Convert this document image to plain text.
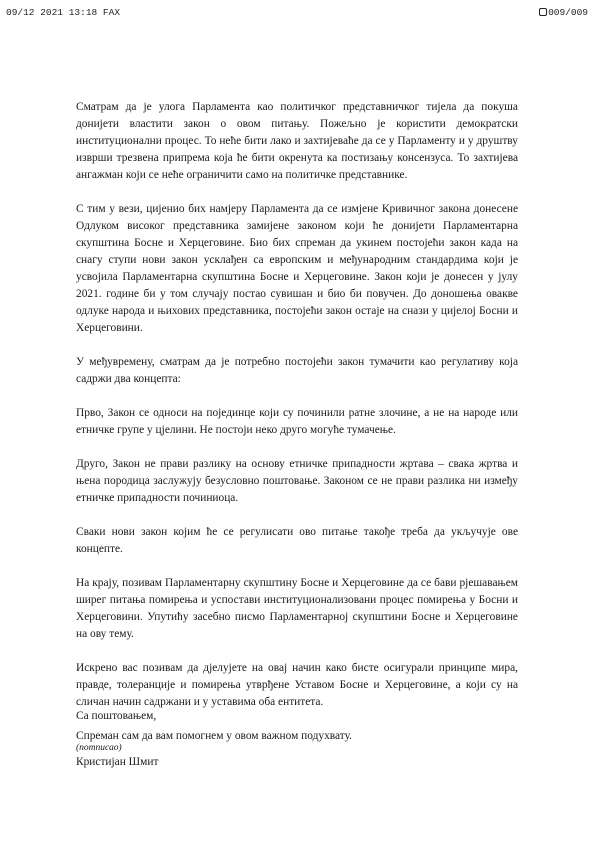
09/12 2021 13:18 FAX	009/009

Сматрам да је улога Парламента као политичког представничког тијела да покуша донијети властити закон о овом питању. Пожељно је користити демократски институционални процес. То неће бити лако и захтијеваће да се у Парламенту и у друштву изврши трезвена припрема која ће бити окренута ка постизању консензуса. То захтијева ангажман који се неће ограничити само на политичке представнике.

С тим у вези, цијенио бих намјеру Парламента да се измјене Кривичног закона донесене Одлуком високог представника замијене законом који ће донијети Парламентарна скупштина Босне и Херцеговине. Био бих спреман да укинем постојећи закон када на снагу ступи нови закон усклађен са европским и међународним стандардима који је усвојила Парламентарна скупштина Босне и Херцеговине. Закон који је донесен у јулу 2021. године би у том случају постао сувишан и био би повучен. До доношења овакве одлуке народа и њихових представника, постојећи закон остаје на снази у цијелој Босни и Херцеговини.

У међувремену, сматрам да је потребно постојећи закон тумачити као регулативу која садржи два концепта:

Прво, Закон се односи на појединце који су починили ратне злочине, а не на народе или етничке групе у цјелини. Не постоји неко друго могуће тумачење.

Друго, Закон не прави разлику на основу етничке припадности жртава – свака жртва и њена породица заслужују безусловно поштовање. Законом се не прави разлика ни између етничке припадности починиоца.

Сваки нови закон којим ће се регулисати ово питање такође треба да укључује ове концепте.

На крају, позивам Парламентарну скупштину Босне и Херцеговине да се бави рјешавањем ширег питања помирења и успостави институционализовани процес помирења у Босни и Херцеговини. Упутићу засебно писмо Парламентарној скупштини Босне и Херцеговине на ову тему.

Искрено вас позивам да дјелујете на овај начин како бисте осигурали принципе мира, правде, толеранције и помирења утврђене Уставом Босне и Херцеговине, а који су на сличан начин садржани и у уставима оба ентитета.

Спреман сам да вам помогнем у овом важном подухвату.

Са поштовањем,
(потписао)
Кристијан Шмит
